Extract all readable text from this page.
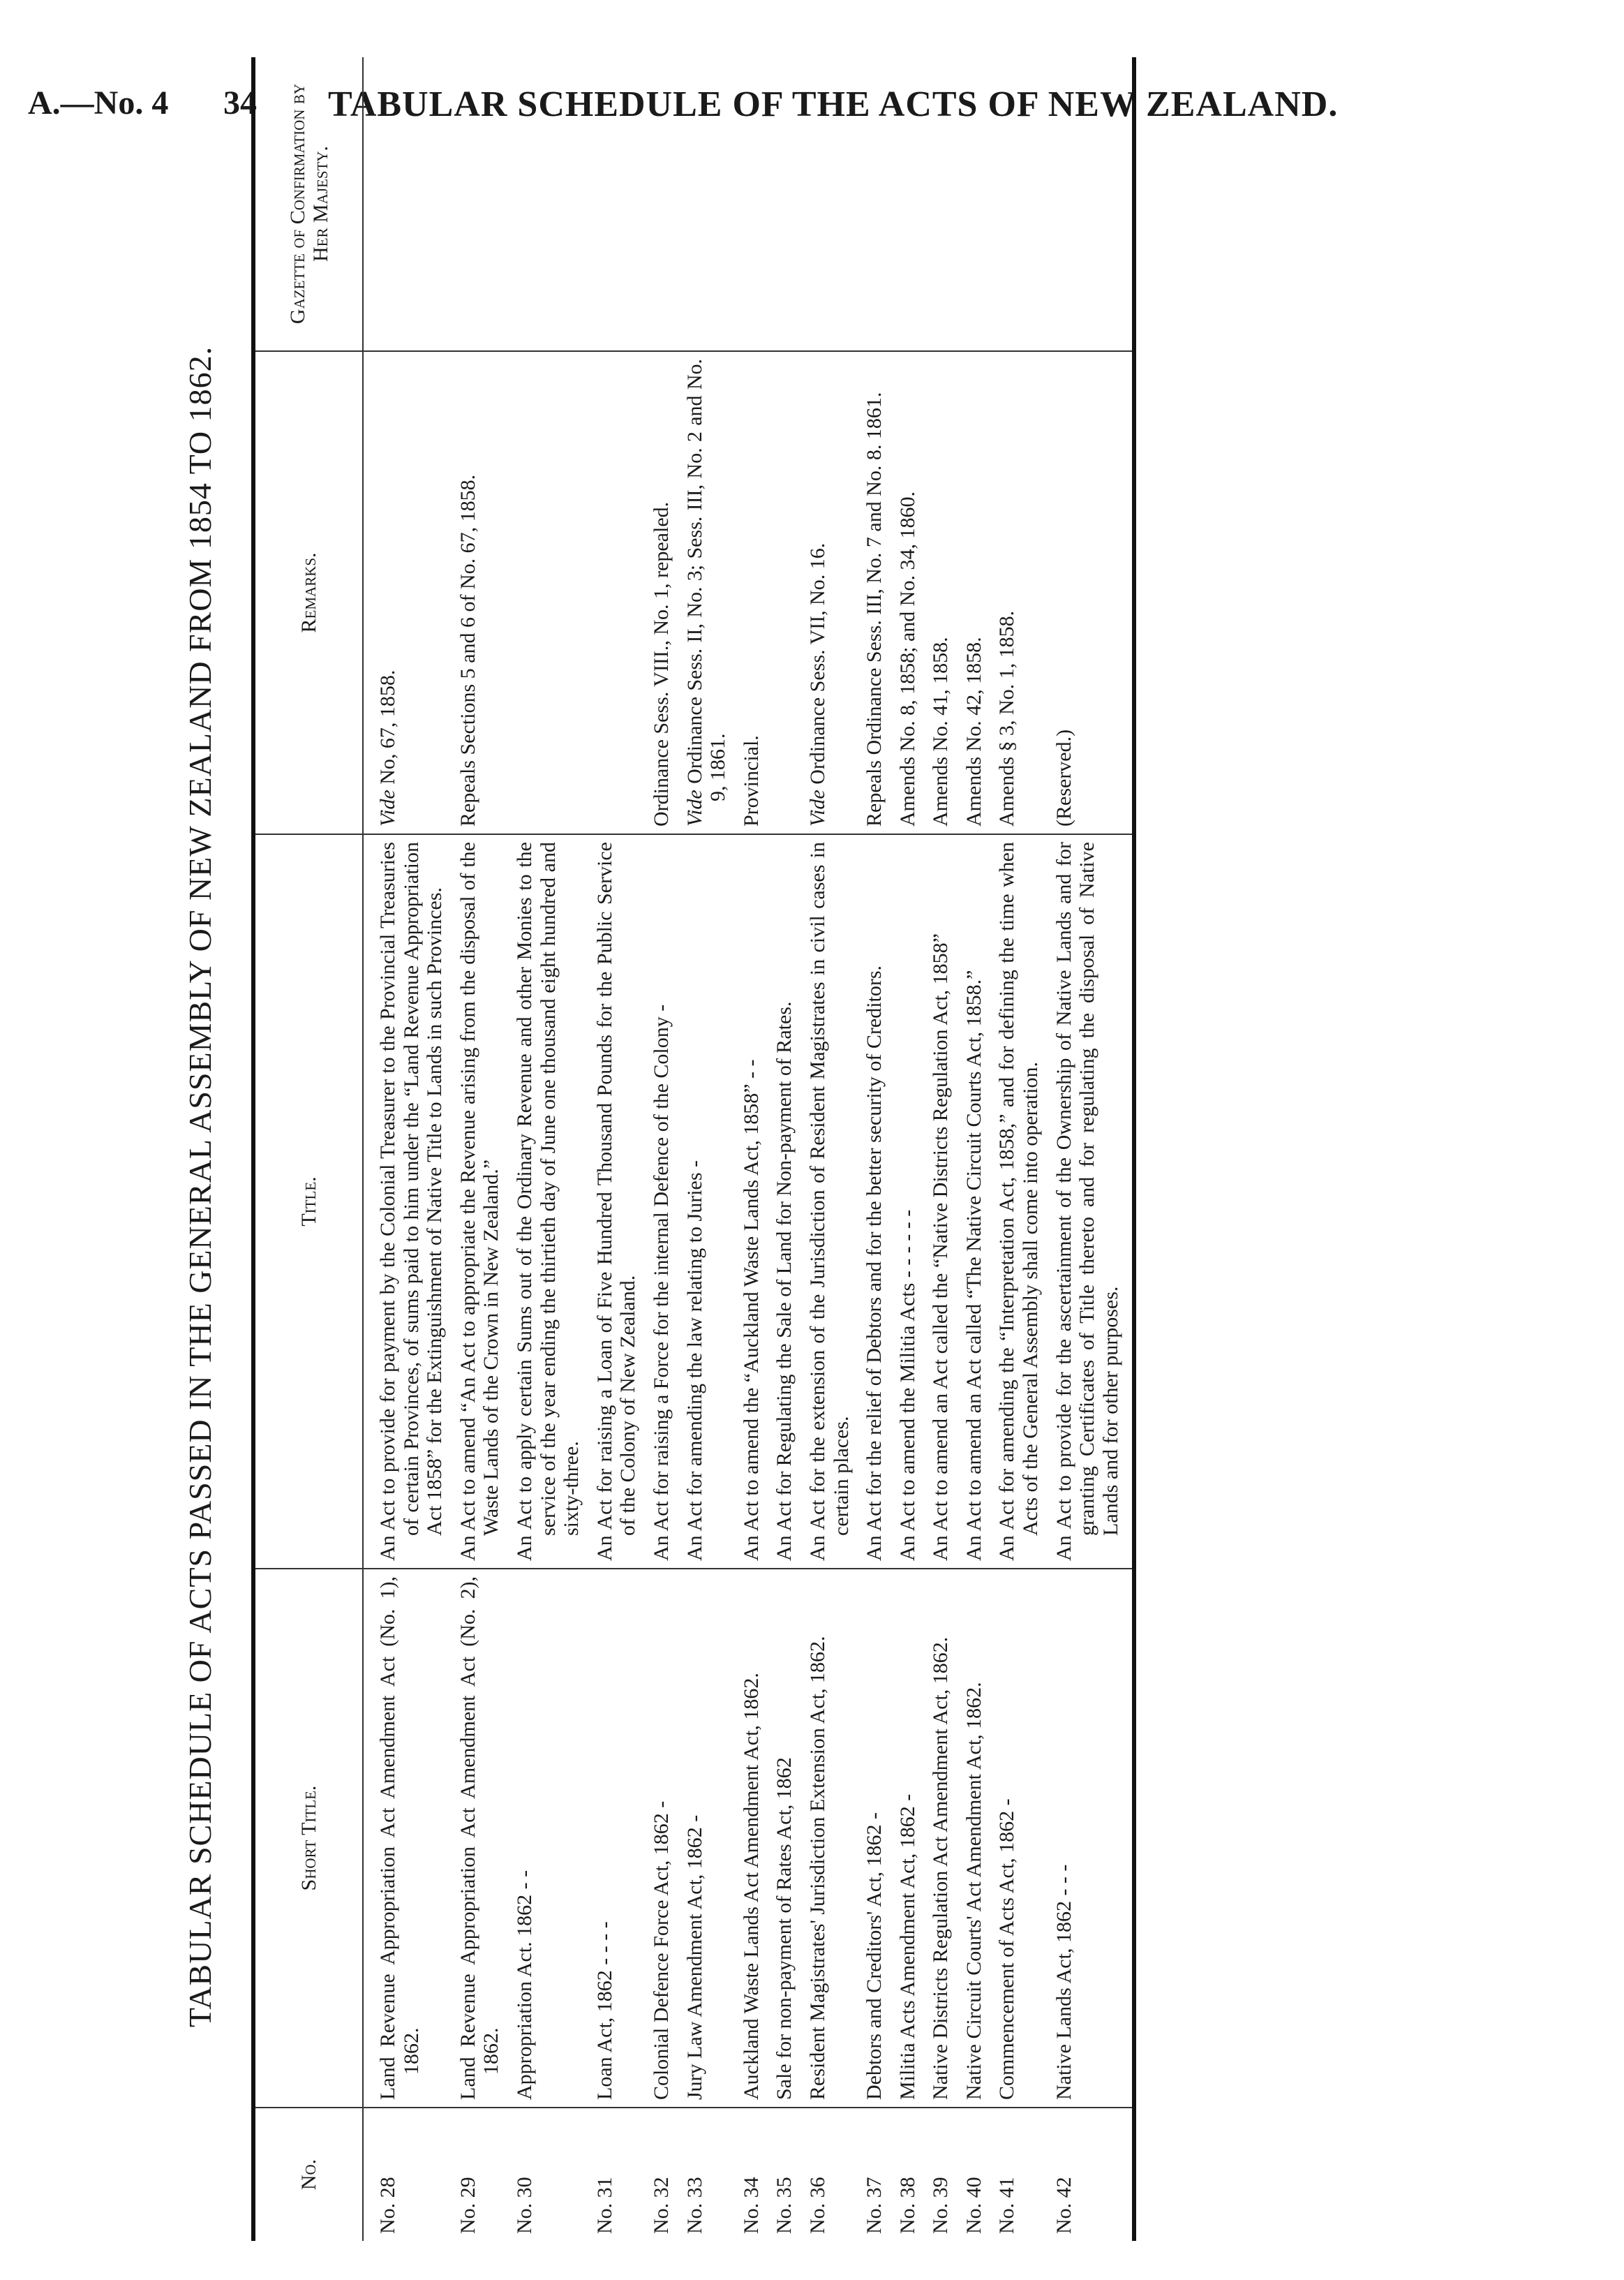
A.—No. 4 34 TABULAR SCHEDULE OF THE ACTS OF NEW ZEALAND.
TABULAR SCHEDULE OF ACTS PASSED IN THE GENERAL ASSEMBLY OF NEW ZEALAND FROM 1854 TO 1862.
No.	Short Title.	Title.	Remarks.	Gazette of Confirmation by Her Majesty.
No. 28	Land Revenue Appropriation Act Amendment Act (No. 1), 1862.	An Act to provide for payment by the Colonial Treasurer to the Provincial Treasuries of certain Provinces, of sums paid to him under the “Land Revenue Appropriation Act 1858” for the Extinguishment of Native Title to Lands in such Provinces.	Vide No, 67, 1858.	
No. 29	Land Revenue Appropriation Act Amendment Act (No. 2), 1862.	An Act to amend “An Act to appropriate the Revenue arising from the disposal of the Waste Lands of the Crown in New Zealand.”	Repeals Sections 5 and 6 of No. 67, 1858.	
No. 30	Appropriation Act. 1862 - -	An Act to apply certain Sums out of the Ordinary Revenue and other Monies to the service of the year ending the thirtieth day of June one thousand eight hundred and sixty-three.		
No. 31	Loan Act, 1862 - - - -	An Act for raising a Loan of Five Hundred Thousand Pounds for the Public Service of the Colony of New Zealand.		
No. 32	Colonial Defence Force Act, 1862 -	An Act for raising a Force for the internal Defence of the Colony -	Ordinance Sess. VIII., No. 1, repealed.	
No. 33	Jury Law Amendment Act, 1862 -	An Act for amending the law relating to Juries -	Vide Ordinance Sess. II, No. 3; Sess. III, No. 2 and No. 9, 1861.	
No. 34	Auckland Waste Lands Act Amendment Act, 1862.	An Act to amend the “Auckland Waste Lands Act, 1858” - -	Provincial.	
No. 35	Sale for non-payment of Rates Act, 1862	An Act for Regulating the Sale of Land for Non-payment of Rates.		
No. 36	Resident Magistrates' Jurisdiction Extension Act, 1862.	An Act for the extension of the Jurisdiction of Resident Magistrates in civil cases in certain places.	Vide Ordinance Sess. VII, No. 16.	
No. 37	Debtors and Creditors' Act, 1862 -	An Act for the relief of Debtors and for the better security of Creditors.	Repeals Ordinance Sess. III, No. 7 and No. 8. 1861.	
No. 38	Militia Acts Amendment Act, 1862 -	An Act to amend the Militia Acts - - - - - -	Amends No. 8, 1858; and No. 34, 1860.	
No. 39	Native Districts Regulation Act Amendment Act, 1862.	An Act to amend an Act called the “Native Districts Regulation Act, 1858”	Amends No. 41, 1858.	
No. 40	Native Circuit Courts' Act Amendment Act, 1862.	An Act to amend an Act called “The Native Circuit Courts Act, 1858.”	Amends No. 42, 1858.	
No. 41	Commencement of Acts Act, 1862 -	An Act for amending the “Interpretation Act, 1858,” and for defining the time when Acts of the General Assembly shall come into operation.	Amends § 3, No. 1, 1858.	
No. 42	Native Lands Act, 1862 - - -	An Act to provide for the ascertainment of the Ownership of Native Lands and for granting Certificates of Title thereto and for regulating the disposal of Native Lands and for other purposes.	(Reserved.)	
